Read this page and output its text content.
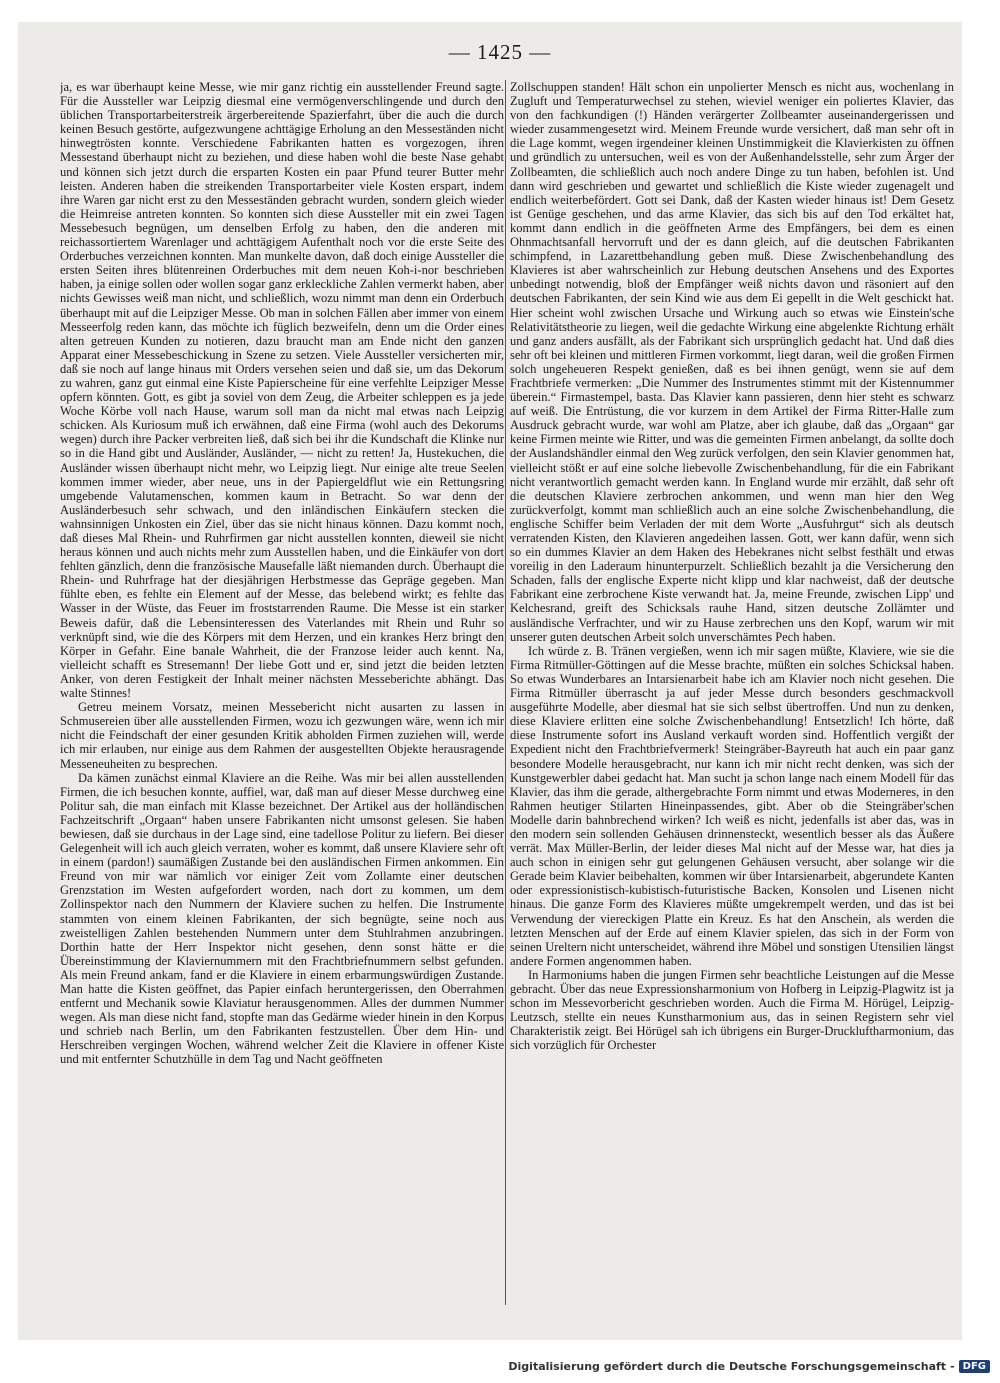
— 1425 —

ja, es war überhaupt keine Messe, wie mir ganz richtig ein ausstellender Freund sagte. Für die Aussteller war Leipzig diesmal eine vermögenverschlingende und durch den üblichen Transportarbeiterstreik ärgerbereitende Spazierfahrt, über die auch die durch keinen Besuch gestörte, aufgezwungene achttägige Erholung an den Messeständen nicht hinwegtrösten konnte. Verschiedene Fabrikanten hatten es vorgezogen, ihren Messestand überhaupt nicht zu beziehen, und diese haben wohl die beste Nase gehabt und können sich jetzt durch die ersparten Kosten ein paar Pfund teurer Butter mehr leisten. Anderen haben die streikenden Transportarbeiter viele Kosten erspart, indem ihre Waren gar nicht erst zu den Messeständen gebracht wurden, sondern gleich wieder die Heimreise antreten konnten. So konnten sich diese Aussteller mit ein zwei Tagen Messebesuch begnügen, um denselben Erfolg zu haben, den die anderen mit reichassortiertem Warenlager und achttägigem Aufenthalt noch vor die erste Seite des Orderbuches verzeichnen konnten. Man munkelte davon, daß doch einige Aussteller die ersten Seiten ihres blütenreinen Orderbuches mit dem neuen Koh-i-nor beschrieben haben, ja einige sollen oder wollen sogar ganz erkleckliche Zahlen vermerkt haben, aber nichts Gewisses weiß man nicht, und schließlich, wozu nimmt man denn ein Orderbuch überhaupt mit auf die Leipziger Messe. Ob man in solchen Fällen aber immer von einem Messeerfolg reden kann, das möchte ich füglich bezweifeln, denn um die Order eines alten getreuen Kunden zu notieren, dazu braucht man am Ende nicht den ganzen Apparat einer Messebeschickung in Szene zu setzen. Viele Aussteller versicherten mir, daß sie noch auf lange hinaus mit Orders versehen seien und daß sie, um das Dekorum zu wahren, ganz gut einmal eine Kiste Papierscheine für eine verfehlte Leipziger Messe opfern könnten. Gott, es gibt ja soviel von dem Zeug, die Arbeiter schleppen es ja jede Woche Körbe voll nach Hause, warum soll man da nicht mal etwas nach Leipzig schicken. Als Kuriosum muß ich erwähnen, daß eine Firma (wohl auch des Dekorums wegen) durch ihre Packer verbreiten ließ, daß sich bei ihr die Kundschaft die Klinke nur so in die Hand gibt und Ausländer, Ausländer, — nicht zu retten! Ja, Hustekuchen, die Ausländer wissen überhaupt nicht mehr, wo Leipzig liegt. Nur einige alte treue Seelen kommen immer wieder, aber neue, uns in der Papiergeldflut wie ein Rettungsring umgebende Valutamenschen, kommen kaum in Betracht. So war denn der Ausländerbesuch sehr schwach, und den inländischen Einkäufern stecken die wahnsinnigen Unkosten ein Ziel, über das sie nicht hinaus können. Dazu kommt noch, daß dieses Mal Rhein- und Ruhrfirmen gar nicht ausstellen konnten, dieweil sie nicht heraus können und auch nichts mehr zum Ausstellen haben, und die Einkäufer von dort fehlten gänzlich, denn die französische Mausefalle läßt niemanden durch. Überhaupt die Rhein- und Ruhrfrage hat der diesjährigen Herbstmesse das Gepräge gegeben. Man fühlte eben, es fehlte ein Element auf der Messe, das belebend wirkt; es fehlte das Wasser in der Wüste, das Feuer im froststarrenden Raume. Die Messe ist ein starker Beweis dafür, daß die Lebensinteressen des Vaterlandes mit Rhein und Ruhr so verknüpft sind, wie die des Körpers mit dem Herzen, und ein krankes Herz bringt den Körper in Gefahr. Eine banale Wahrheit, die der Franzose leider auch kennt. Na, vielleicht schafft es Stresemann! Der liebe Gott und er, sind jetzt die beiden letzten Anker, von deren Festigkeit der Inhalt meiner nächsten Messeberichte abhängt. Das walte Stinnes!

Getreu meinem Vorsatz, meinen Messebericht nicht ausarten zu lassen in Schmusereien über alle ausstellenden Firmen, wozu ich gezwungen wäre, wenn ich mir nicht die Feindschaft der einer gesunden Kritik abholden Firmen zuziehen will, werde ich mir erlauben, nur einige aus dem Rahmen der ausgestellten Objekte herausragende Messeneuheiten zu besprechen.

Da kämen zunächst einmal Klaviere an die Reihe. Was mir bei allen ausstellenden Firmen, die ich besuchen konnte, auffiel, war, daß man auf dieser Messe durchweg eine Politur sah, die man einfach mit Klasse bezeichnet. Der Artikel aus der holländischen Fachzeitschrift „Orgaan“ haben unsere Fabrikanten nicht umsonst gelesen. Sie haben bewiesen, daß sie durchaus in der Lage sind, eine tadellose Politur zu liefern. Bei dieser Gelegenheit will ich auch gleich verraten, woher es kommt, daß unsere Klaviere sehr oft in einem (pardon!) saumäßigen Zustande bei den ausländischen Firmen ankommen. Ein Freund von mir war nämlich vor einiger Zeit vom Zollamte einer deutschen Grenzstation im Westen aufgefordert worden, nach dort zu kommen, um dem Zollinspektor nach den Nummern der Klaviere suchen zu helfen. Die Instrumente stammten von einem kleinen Fabrikanten, der sich begnügte, seine noch aus zweistelligen Zahlen bestehenden Nummern unter dem Stuhlrahmen anzubringen. Dorthin hatte der Herr Inspektor nicht gesehen, denn sonst hätte er die Übereinstimmung der Klaviernummern mit den Frachtbriefnummern selbst gefunden. Als mein Freund ankam, fand er die Klaviere in einem erbarmungswürdigen Zustande. Man hatte die Kisten geöffnet, das Papier einfach heruntergerissen, den Oberrahmen entfernt und Mechanik sowie Klaviatur herausgenommen. Alles der dummen Nummer wegen. Als man diese nicht fand, stopfte man das Gedärme wieder hinein in den Korpus und schrieb nach Berlin, um den Fabrikanten festzustellen. Über dem Hin- und Herschreiben vergingen Wochen, während welcher Zeit die Klaviere in offener Kiste und mit entfernter Schutzhülle in dem Tag und Nacht geöffneten

Zollschuppen standen! Hält schon ein unpolierter Mensch es nicht aus, wochenlang in Zugluft und Temperaturwechsel zu stehen, wieviel weniger ein poliertes Klavier, das von den fachkundigen (!) Händen verärgerter Zollbeamter auseinandergerissen und wieder zusammengesetzt wird. Meinem Freunde wurde versichert, daß man sehr oft in die Lage kommt, wegen irgendeiner kleinen Unstimmigkeit die Klavierkisten zu öffnen und gründlich zu untersuchen, weil es von der Außenhandelsstelle, sehr zum Ärger der Zollbeamten, die schließlich auch noch andere Dinge zu tun haben, befohlen ist. Und dann wird geschrieben und gewartet und schließlich die Kiste wieder zugenagelt und endlich weiterbefördert. Gott sei Dank, daß der Kasten wieder hinaus ist! Dem Gesetz ist Genüge geschehen, und das arme Klavier, das sich bis auf den Tod erkältet hat, kommt dann endlich in die geöffneten Arme des Empfängers, bei dem es einen Ohnmachtsanfall hervorruft und der es dann gleich, auf die deutschen Fabrikanten schimpfend, in Lazarettbehandlung geben muß. Diese Zwischenbehandlung des Klavieres ist aber wahrscheinlich zur Hebung deutschen Ansehens und des Exportes unbedingt notwendig, bloß der Empfänger weiß nichts davon und räsoniert auf den deutschen Fabrikanten, der sein Kind wie aus dem Ei gepellt in die Welt geschickt hat. Hier scheint wohl zwischen Ursache und Wirkung auch so etwas wie Einstein'sche Relativitätstheorie zu liegen, weil die gedachte Wirkung eine abgelenkte Richtung erhält und ganz anders ausfällt, als der Fabrikant sich ursprünglich gedacht hat. Und daß dies sehr oft bei kleinen und mittleren Firmen vorkommt, liegt daran, weil die großen Firmen solch ungeheueren Respekt genießen, daß es bei ihnen genügt, wenn sie auf dem Frachtbriefe vermerken: „Die Nummer des Instrumentes stimmt mit der Kistennummer überein.“ Firmastempel, basta. Das Klavier kann passieren, denn hier steht es schwarz auf weiß. Die Entrüstung, die vor kurzem in dem Artikel der Firma Ritter-Halle zum Ausdruck gebracht wurde, war wohl am Platze, aber ich glaube, daß das „Orgaan“ gar keine Firmen meinte wie Ritter, und was die gemeinten Firmen anbelangt, da sollte doch der Auslandshändler einmal den Weg zurück verfolgen, den sein Klavier genommen hat, vielleicht stößt er auf eine solche liebevolle Zwischenbehandlung, für die ein Fabrikant nicht verantwortlich gemacht werden kann. In England wurde mir erzählt, daß sehr oft die deutschen Klaviere zerbrochen ankommen, und wenn man hier den Weg zurückverfolgt, kommt man schließlich auch an eine solche Zwischenbehandlung, die englische Schiffer beim Verladen der mit dem Worte „Ausfuhrgut“ sich als deutsch verratenden Kisten, den Klavieren angedeihen lassen. Gott, wer kann dafür, wenn sich so ein dummes Klavier an dem Haken des Hebekranes nicht selbst festhält und etwas voreilig in den Laderaum hinunterpurzelt. Schließlich bezahlt ja die Versicherung den Schaden, falls der englische Experte nicht klipp und klar nachweist, daß der deutsche Fabrikant eine zerbrochene Kiste verwandt hat. Ja, meine Freunde, zwischen Lipp' und Kelchesrand, greift des Schicksals rauhe Hand, sitzen deutsche Zollämter und ausländische Verfrachter, und wir zu Hause zerbrechen uns den Kopf, warum wir mit unserer guten deutschen Arbeit solch unverschämtes Pech haben.

Ich würde z. B. Tränen vergießen, wenn ich mir sagen müßte, Klaviere, wie sie die Firma Ritmüller-Göttingen auf die Messe brachte, müßten ein solches Schicksal haben. So etwas Wunderbares an Intarsienarbeit habe ich am Klavier noch nicht gesehen. Die Firma Ritmüller überrascht ja auf jeder Messe durch besonders geschmackvoll ausgeführte Modelle, aber diesmal hat sie sich selbst übertroffen. Und nun zu denken, diese Klaviere erlitten eine solche Zwischenbehandlung! Entsetzlich! Ich hörte, daß diese Instrumente sofort ins Ausland verkauft worden sind. Hoffentlich vergißt der Expedient nicht den Frachtbriefvermerk! Steingräber-Bayreuth hat auch ein paar ganz besondere Modelle herausgebracht, nur kann ich mir nicht recht denken, was sich der Kunstgewerbler dabei gedacht hat. Man sucht ja schon lange nach einem Modell für das Klavier, das ihm die gerade, althergebrachte Form nimmt und etwas Moderneres, in den Rahmen heutiger Stilarten Hineinpassendes, gibt. Aber ob die Steingräber'schen Modelle darin bahnbrechend wirken? Ich weiß es nicht, jedenfalls ist aber das, was in den modern sein sollenden Gehäusen drinnensteckt, wesentlich besser als das Äußere verrät. Max Müller-Berlin, der leider dieses Mal nicht auf der Messe war, hat dies ja auch schon in einigen sehr gut gelungenen Gehäusen versucht, aber solange wir die Gerade beim Klavier beibehalten, kommen wir über Intarsienarbeit, abgerundete Kanten oder expressionistisch-kubistisch-futuristische Backen, Konsolen und Lisenen nicht hinaus. Die ganze Form des Klavieres müßte umgekrempelt werden, und das ist bei Verwendung der viereckigen Platte ein Kreuz. Es hat den Anschein, als werden die letzten Menschen auf der Erde auf einem Klavier spielen, das sich in der Form von seinen Ureltern nicht unterscheidet, während ihre Möbel und sonstigen Utensilien längst andere Formen angenommen haben.

In Harmoniums haben die jungen Firmen sehr beachtliche Leistungen auf die Messe gebracht. Über das neue Expressionsharmonium von Hofberg in Leipzig-Plagwitz ist ja schon im Messevorbericht geschrieben worden. Auch die Firma M. Hörügel, Leipzig-Leutzsch, stellte ein neues Kunstharmonium aus, das in seinen Registern sehr viel Charakteristik zeigt. Bei Hörügel sah ich übrigens ein Burger-Druckluftharmonium, das sich vorzüglich für Orchester

Digitalisierung gefördert durch die Deutsche Forschungsgemeinschaft - DFG
